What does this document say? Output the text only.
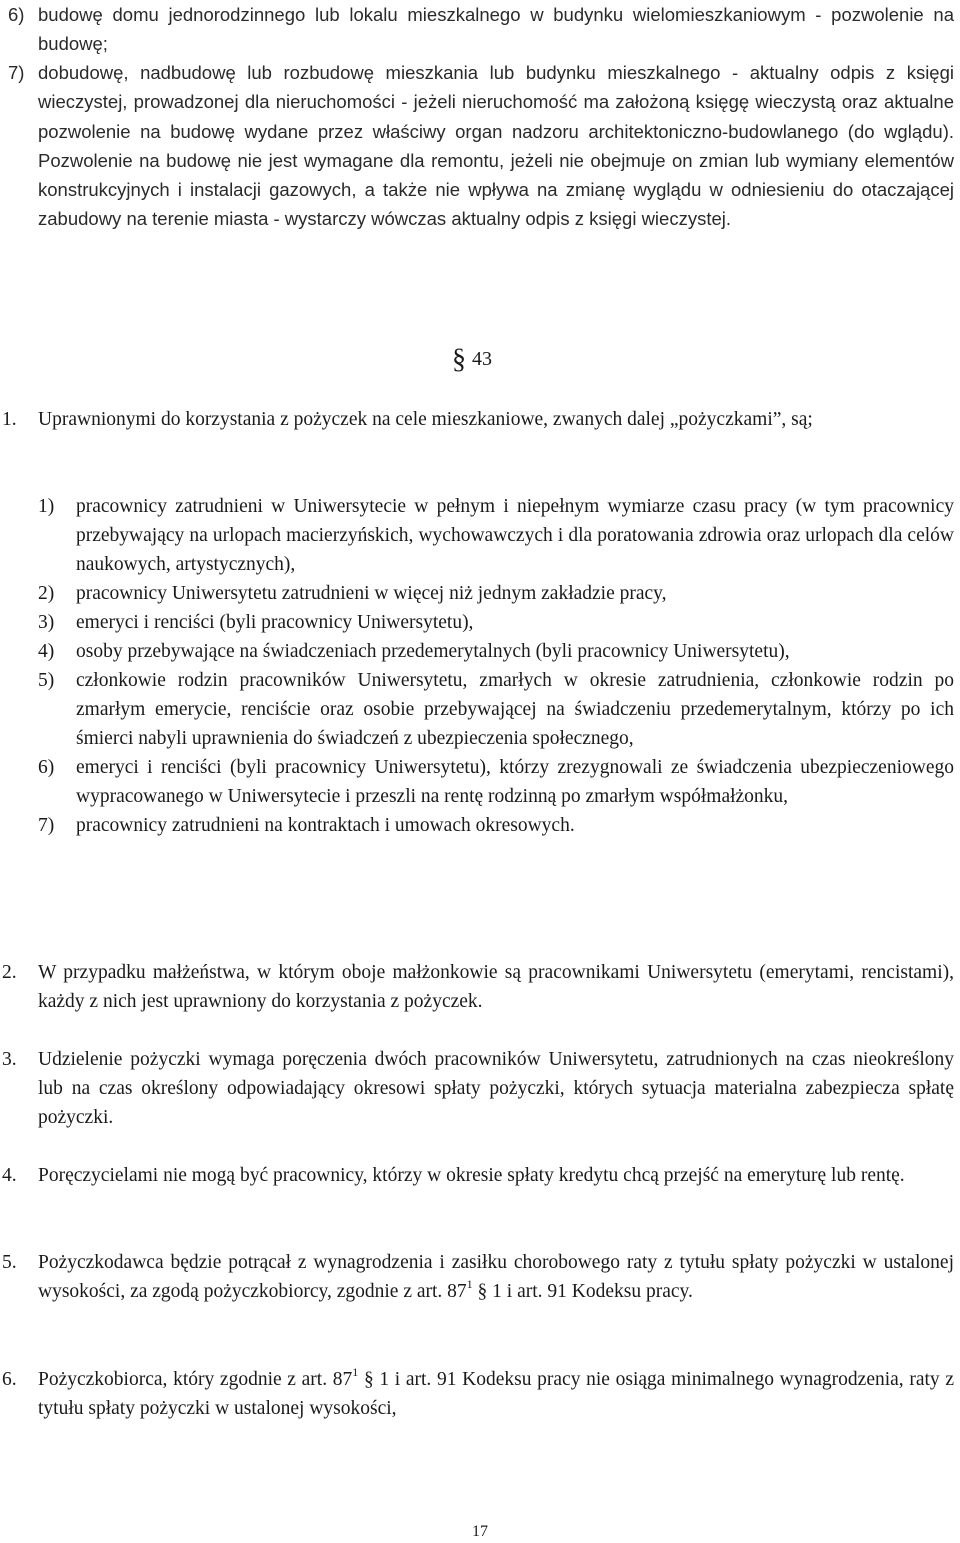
6) budowę domu jednorodzinnego lub lokalu mieszkalnego w budynku wielomieszkaniowym - pozwolenie na budowę;
7) dobudowę, nadbudowę lub rozbudowę mieszkania lub budynku mieszkalnego - aktualny odpis z księgi wieczystej, prowadzonej dla nieruchomości - jeżeli nieruchomość ma założoną księgę wieczystą oraz aktualne pozwolenie na budowę wydane przez właściwy organ nadzoru architektoniczno-budowlanego (do wglądu). Pozwolenie na budowę nie jest wymagane dla remontu, jeżeli nie obejmuje on zmian lub wymiany elementów konstrukcyjnych i instalacji gazowych, a także nie wpływa na zmianę wyglądu w odniesieniu do otaczającej zabudowy na terenie miasta - wystarczy wówczas aktualny odpis z księgi wieczystej.
§ 43
1.	Uprawnionymi do korzystania z pożyczek na cele mieszkaniowe, zwanych dalej „pożyczkami”, są;
1)	pracownicy zatrudnieni w Uniwersytecie w pełnym i niepełnym wymiarze czasu pracy (w tym pracownicy przebywający na urlopach macierzyńskich, wychowawczych i dla poratowania zdrowia oraz urlopach dla celów naukowych, artystycznych),
2)	pracownicy Uniwersytetu zatrudnieni w więcej niż jednym zakładzie pracy,
3)	emeryci i renciści (byli pracownicy Uniwersytetu),
4)	osoby przebywające na świadczeniach przedemerytalnych (byli pracownicy Uniwersytetu),
5)	członkowie rodzin pracowników Uniwersytetu, zmarłych w okresie zatrudnienia, członkowie rodzin po zmarłym emerycie, renciście oraz osobie przebywającej na świadczeniu przedemerytalnym, którzy po ich śmierci nabyli uprawnienia do świadczeń z ubezpieczenia społecznego,
6)	emeryci i renciści (byli pracownicy Uniwersytetu), którzy zrezygnowali ze świadczenia ubezpieczeniowego wypracowanego w Uniwersytecie i przeszli na rentę rodzinną po zmarłym współmałżonku,
7)	pracownicy zatrudnieni na kontraktach i umowach okresowych.
2.	W przypadku małżeństwa, w którym oboje małżonkowie są pracownikami Uniwersytetu (emerytami, rencistami), każdy z nich jest uprawniony do korzystania z pożyczek.
3.	Udzielenie pożyczki wymaga poręczenia dwóch pracowników Uniwersytetu, zatrudnionych na czas nieokreślony lub na czas określony odpowiadający okresowi spłaty pożyczki, których sytuacja materialna zabezpiecza spłatę pożyczki.
4.	Poręczycielami nie mogą być pracownicy, którzy w okresie spłaty kredytu chcą przejść na emeryturę lub rentę.
5.	Pożyczkodawca będzie potrącał z wynagrodzenia i zasiłku chorobowego raty z tytułu spłaty pożyczki w ustalonej wysokości, za zgodą pożyczkobiorcy, zgodnie z art. $87^1$ § 1 i art. 91 Kodeksu pracy.
6.	Pożyczkobiorca, który zgodnie z art. $87^1$ § 1 i art. 91 Kodeksu pracy nie osiąga minimalnego wynagrodzenia, raty z tytułu spłaty pożyczki w ustalonej wysokości,
17
